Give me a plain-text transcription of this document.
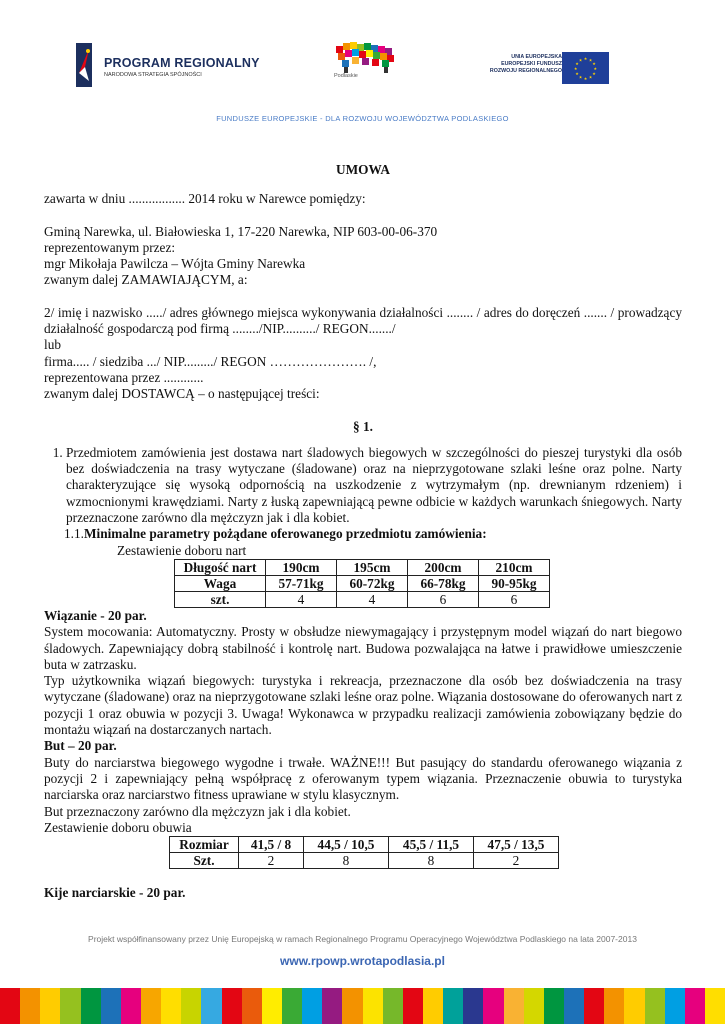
PROGRAM REGIONALNY
NARODOWA STRATEGIA SPÓJNOŚCI	Podlaskie
UNIA EUROPEJSKA
EUROPEJSKI FUNDUSZ
ROZWOJU REGIONALNEGO
★ ★
★
★
★
★
★
★
★
★
★
★
FUNDUSZE EUROPEJSKIE - DLA ROZWOJU WOJEWÓDZTWA PODLASKIEGO

UMOWA

zawarta w dniu ................. 2014 roku w Narewce pomiędzy:

Gminą Narewka, ul. Białowieska 1, 17-220 Narewka, NIP 603-00-06-370

reprezentowanym przez:

mgr Mikołaja Pawilcza – Wójta Gminy Narewka

zwanym dalej ZAMAWIAJĄCYM, a:

2/ imię i nazwisko ...../ adres głównego miejsca wykonywania działalności ........ / adres do doręczeń ....... / prowadzący działalność gospodarczą pod firmą ......../NIP........../ REGON......./

lub

firma..... / siedziba .../ NIP........./ REGON …………………. /,

reprezentowana przez ............

zwanym dalej DOSTAWCĄ – o następującej treści:

§ 1.

1. Przedmiotem zamówienia jest dostawa nart śladowych biegowych w szczególności do pieszej turystyki dla osób bez doświadczenia na trasy wytyczane (śladowane) oraz na nieprzygotowane szlaki leśne oraz polne. Narty charakteryzujące się wysoką odpornością na uszkodzenie z wytrzymałym (np. drewnianym rdzeniem) i wzmocnionymi krawędziami. Narty z łuską zapewniającą pewne odbicie w każdych warunkach śniegowych. Narty przeznaczone zarówno dla mężczyzn jak i dla kobiet.

1.1.Minimalne parametry pożądane oferowanego przedmiotu zamówienia:

Zestawienie doboru nart

Długość nart	190cm	195cm	200cm	210cm
Waga	57-71kg	60-72kg	66-78kg	90-95kg
szt.	4	4	6	6

Wiązanie - 20 par.

System mocowania: Automatyczny. Prosty w obsłudze niewymagający i przystępnym model wiązań do nart biegowo śladowych. Zapewniający dobrą stabilność i kontrolę nart. Budowa pozwalająca na łatwe i prawidłowe umieszczenie buta w zatrzasku.

Typ użytkownika wiązań biegowych: turystyka i rekreacja, przeznaczone dla osób bez doświadczenia na trasy wytyczane (śladowane) oraz na nieprzygotowane szlaki leśne oraz polne. Wiązania dostosowane do oferowanych nart z pozycji 1 oraz obuwia w pozycji 3. Uwaga! Wykonawca w przypadku realizacji zamówienia zobowiązany będzie do montażu wiązań na dostarczanych nartach.

But – 20 par.

Buty do narciarstwa biegowego wygodne i trwałe. WAŻNE!!! But pasujący do standardu oferowanego wiązania z pozycji 2 i zapewniający pełną współpracę z oferowanym typem wiązania. Przeznaczenie obuwia to turystyka narciarska oraz narciarstwo fitness uprawiane w stylu klasycznym.

But przeznaczony zarówno dla mężczyzn jak i dla kobiet.

Zestawienie doboru obuwia

Rozmiar	41,5 / 8	44,5 / 10,5	45,5 / 11,5	47,5 / 13,5
Szt.	2	8	8	2

Kije narciarskie - 20 par.

Projekt współfinansowany przez Unię Europejską w ramach Regionalnego Programu Operacyjnego Województwa Podlaskiego na lata 2007-2013
www.rpowp.wrotapodlasia.pl
